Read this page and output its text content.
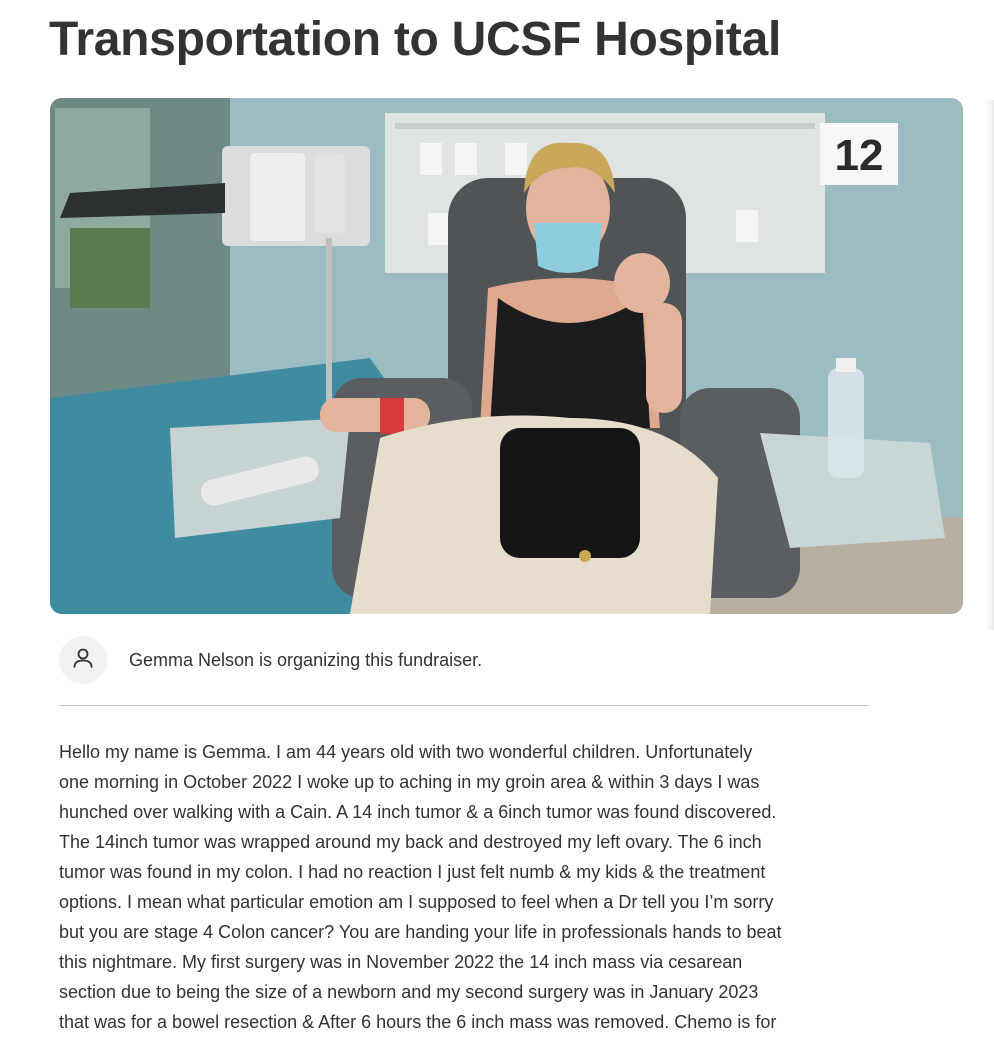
Transportation to UCSF Hospital
12
Gemma Nelson is organizing this fundraiser.
Hello my name is Gemma. I am 44 years old with two wonderful children. Unfortunately
one morning in October 2022 I woke up to aching in my groin area & within 3 days I was
hunched over walking with a Cain. A 14 inch tumor & a 6inch tumor was found discovered.
The 14inch tumor was wrapped around my back and destroyed my left ovary. The 6 inch
tumor was found in my colon. I had no reaction I just felt numb & my kids & the treatment
options. I mean what particular emotion am I supposed to feel when a Dr tell you I’m sorry
but you are stage 4 Colon cancer? You are handing your life in professionals hands to beat
this nightmare. My first surgery was in November 2022 the 14 inch mass via cesarean
section due to being the size of a newborn and my second surgery was in January 2023
that was for a bowel resection & After 6 hours the 6 inch mass was removed. Chemo is for
